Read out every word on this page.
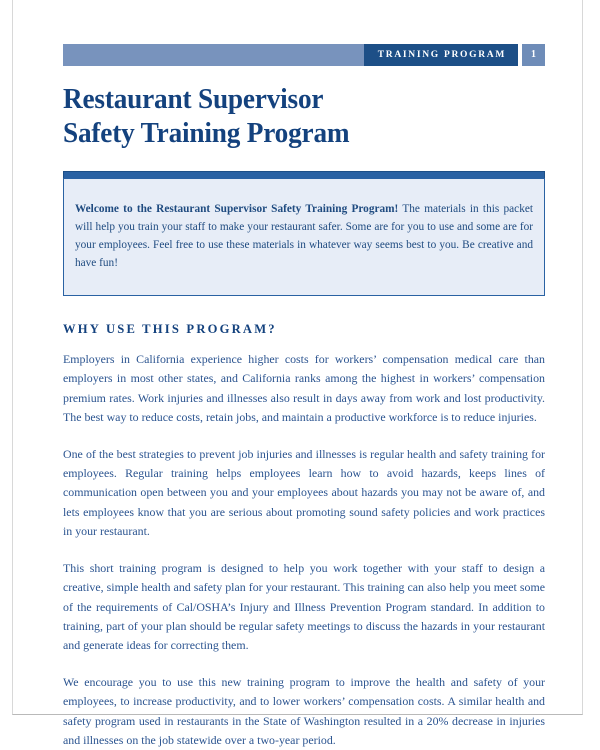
TRAINING PROGRAM	1
Restaurant Supervisor
Safety Training Program

Welcome to the Restaurant Supervisor Safety Training Program! The materials in this packet will help you train your staff to make your restaurant safer. Some are for you to use and some are for your employees. Feel free to use these materials in whatever way seems best to you. Be creative and have fun!

WHY USE THIS PROGRAM?

Employers in California experience higher costs for workers’ compensation medical care than employers in most other states, and California ranks among the highest in workers’ compensation premium rates. Work injuries and illnesses also result in days away from work and lost productivity. The best way to reduce costs, retain jobs, and maintain a productive workforce is to reduce injuries.

One of the best strategies to prevent job injuries and illnesses is regular health and safety training for employees. Regular training helps employees learn how to avoid hazards, keeps lines of communication open between you and your employees about hazards you may not be aware of, and lets employees know that you are serious about promoting sound safety policies and work practices in your restaurant.

This short training program is designed to help you work together with your staff to design a creative, simple health and safety plan for your restaurant. This training can also help you meet some of the requirements of Cal/OSHA’s Injury and Illness Prevention Program standard. In addition to training, part of your plan should be regular safety meetings to discuss the hazards in your restaurant and generate ideas for correcting them.

We encourage you to use this new training program to improve the health and safety of your employees, to increase productivity, and to lower workers’ compensation costs. A similar health and safety program used in restaurants in the State of Washington resulted in a 20% decrease in injuries and illnesses on the job statewide over a two-year period.
